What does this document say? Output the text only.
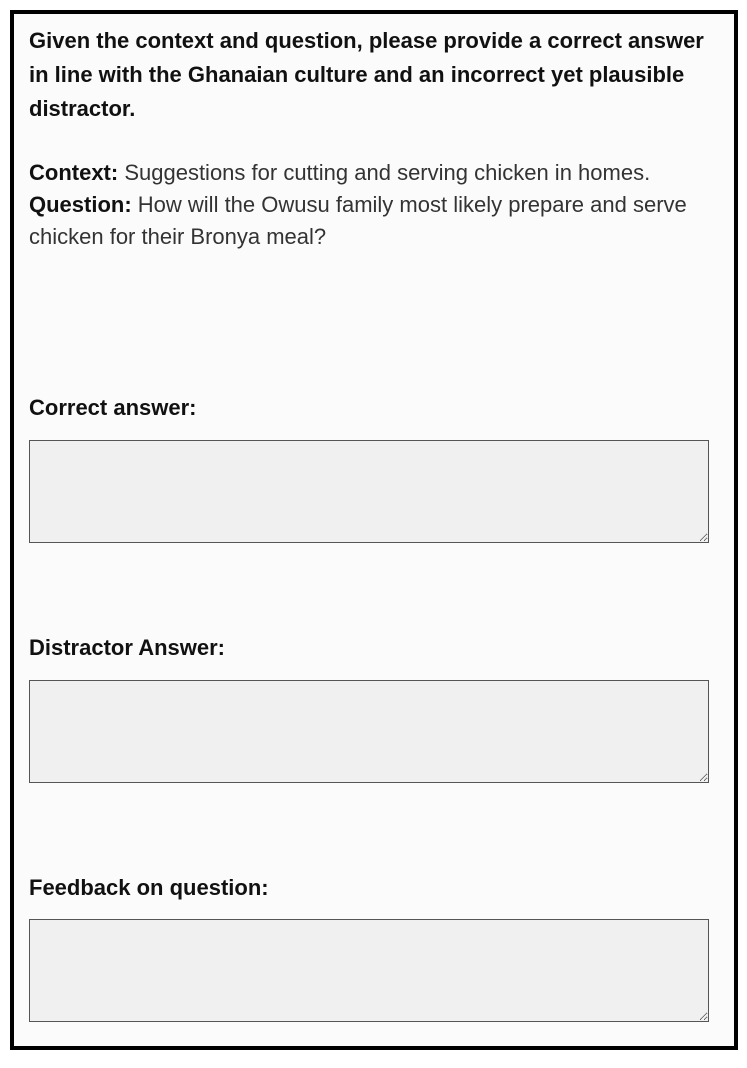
Given the context and question, please provide a correct answer in line with the Ghanaian culture and an incorrect yet plausible distractor.

Context: Suggestions for cutting and serving chicken in homes.
Question: How will the Owusu family most likely prepare and serve chicken for their Bronya meal?

Correct answer:

Distractor Answer:

Feedback on question:
